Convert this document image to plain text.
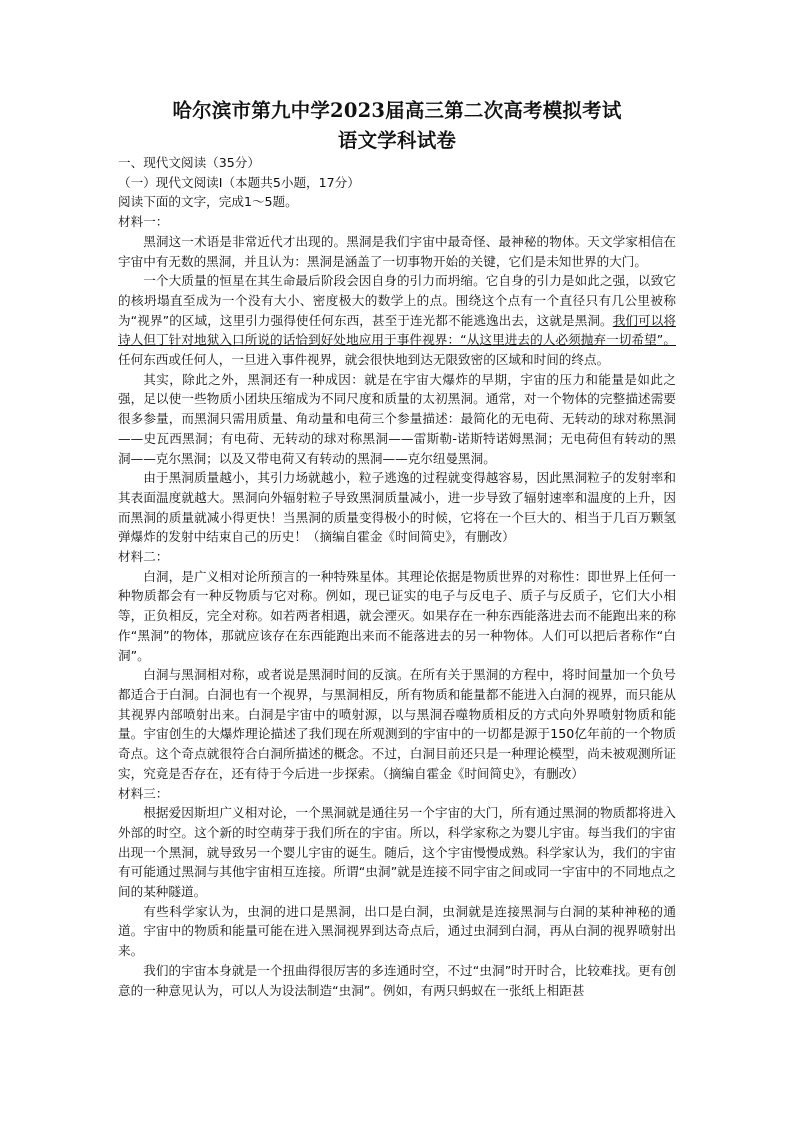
哈尔滨市第九中学2023届高三第二次高考模拟考试

语文学科试卷

一、现代文阅读（35分）

（一）现代文阅读Ⅰ（本题共5小题，17分）

阅读下面的文字，完成1～5题。

材料一：

黑洞这一术语是非常近代才出现的。黑洞是我们宇宙中最奇怪、最神秘的物体。天文学家相信在宇宙中有无数的黑洞，并且认为：黑洞是涵盖了一切事物开始的关键，它们是未知世界的大门。

一个大质量的恒星在其生命最后阶段会因自身的引力而坍缩。它自身的引力是如此之强，以致它的核坍塌直至成为一个没有大小、密度极大的数学上的点。围绕这个点有一个直径只有几公里被称为“视界”的区域，这里引力强得使任何东西，甚至于连光都不能逃逸出去，这就是黑洞。我们可以将诗人但丁针对地狱入口所说的话恰到好处地应用于事件视界：“从这里进去的人必须抛弃一切希望”。任何东西或任何人，一旦进入事件视界，就会很快地到达无限致密的区域和时间的终点。

其实，除此之外，黑洞还有一种成因：就是在宇宙大爆炸的早期，宇宙的压力和能量是如此之强，足以使一些物质小团块压缩成为不同尺度和质量的太初黑洞。通常，对一个物体的完整描述需要很多参量，而黑洞只需用质量、角动量和电荷三个参量描述：最简化的无电荷、无转动的球对称黑洞——史瓦西黑洞；有电荷、无转动的球对称黑洞——雷斯勒-诺斯特诺姆黑洞；无电荷但有转动的黑洞——克尔黑洞；以及又带电荷又有转动的黑洞——克尔纽曼黑洞。

由于黑洞质量越小，其引力场就越小，粒子逃逸的过程就变得越容易，因此黑洞粒子的发射率和其表面温度就越大。黑洞向外辐射粒子导致黑洞质量减小，进一步导致了辐射速率和温度的上升，因而黑洞的质量就减小得更快！当黑洞的质量变得极小的时候，它将在一个巨大的、相当于几百万颗氢弹爆炸的发射中结束自己的历史！（摘编自霍金《时间简史》，有删改）

材料二：

白洞，是广义相对论所预言的一种特殊星体。其理论依据是物质世界的对称性：即世界上任何一种物质都会有一种反物质与它对称。例如，现已证实的电子与反电子、质子与反质子，它们大小相等，正负相反，完全对称。如若两者相遇，就会湮灭。如果存在一种东西能落进去而不能跑出来的称作“黑洞”的物体，那就应该存在东西能跑出来而不能落进去的另一种物体。人们可以把后者称作“白洞”。

白洞与黑洞相对称，或者说是黑洞时间的反演。在所有关于黑洞的方程中，将时间量加一个负号都适合于白洞。白洞也有一个视界，与黑洞相反，所有物质和能量都不能进入白洞的视界，而只能从其视界内部喷射出来。白洞是宇宙中的喷射源，以与黑洞吞噬物质相反的方式向外界喷射物质和能量。宇宙创生的大爆炸理论描述了我们现在所观测到的宇宙中的一切都是源于150亿年前的一个物质奇点。这个奇点就很符合白洞所描述的概念。不过，白洞目前还只是一种理论模型，尚未被观测所证实，究竟是否存在，还有待于今后进一步探索。（摘编自霍金《时间简史》，有删改）

材料三：

根据爱因斯坦广义相对论，一个黑洞就是通往另一个宇宙的大门，所有通过黑洞的物质都将进入外部的时空。这个新的时空萌芽于我们所在的宇宙。所以，科学家称之为婴儿宇宙。每当我们的宇宙出现一个黑洞，就导致另一个婴儿宇宙的诞生。随后，这个宇宙慢慢成熟。科学家认为，我们的宇宙有可能通过黑洞与其他宇宙相互连接。所谓“虫洞”就是连接不同宇宙之间或同一宇宙中的不同地点之间的某种隧道。

有些科学家认为，虫洞的进口是黑洞，出口是白洞，虫洞就是连接黑洞与白洞的某种神秘的通道。宇宙中的物质和能量可能在进入黑洞视界到达奇点后，通过虫洞到白洞，再从白洞的视界喷射出来。

我们的宇宙本身就是一个扭曲得很厉害的多连通时空，不过“虫洞”时开时合，比较难找。更有创意的一种意见认为，可以人为设法制造“虫洞”。例如，有两只蚂蚁在一张纸上相距甚
